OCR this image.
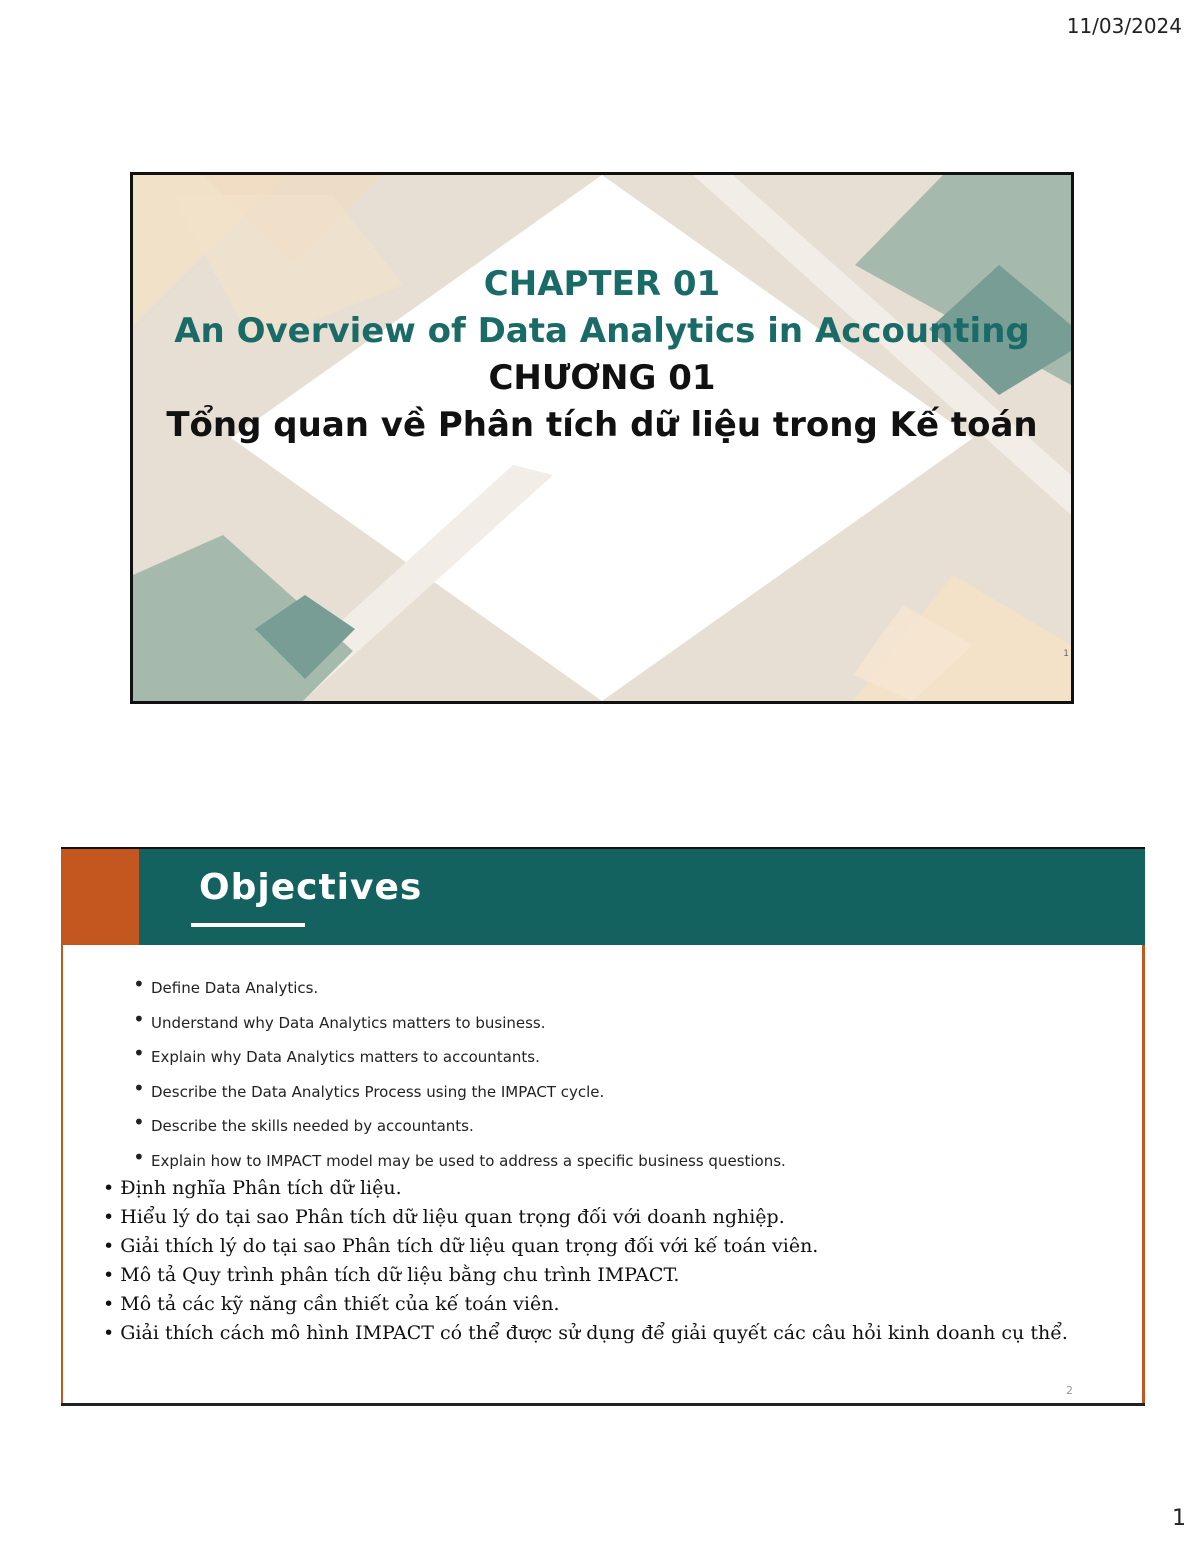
11/03/2024
CHAPTER 01
An Overview of Data Analytics in Accounting
CHƯƠNG 01
Tổng quan về Phân tích dữ liệu trong Kế toán
1
Objectives
• Define Data Analytics.
• Understand why Data Analytics matters to business.
• Explain why Data Analytics matters to accountants.
• Describe the Data Analytics Process using the IMPACT cycle.
• Describe the skills needed by accountants.
• Explain how to IMPACT model may be used to address a specific business questions.
• Định nghĩa Phân tích dữ liệu.
• Hiểu lý do tại sao Phân tích dữ liệu quan trọng đối với doanh nghiệp.
• Giải thích lý do tại sao Phân tích dữ liệu quan trọng đối với kế toán viên.
• Mô tả Quy trình phân tích dữ liệu bằng chu trình IMPACT.
• Mô tả các kỹ năng cần thiết của kế toán viên.
• Giải thích cách mô hình IMPACT có thể được sử dụng để giải quyết các câu hỏi kinh doanh cụ thể.
2
1
